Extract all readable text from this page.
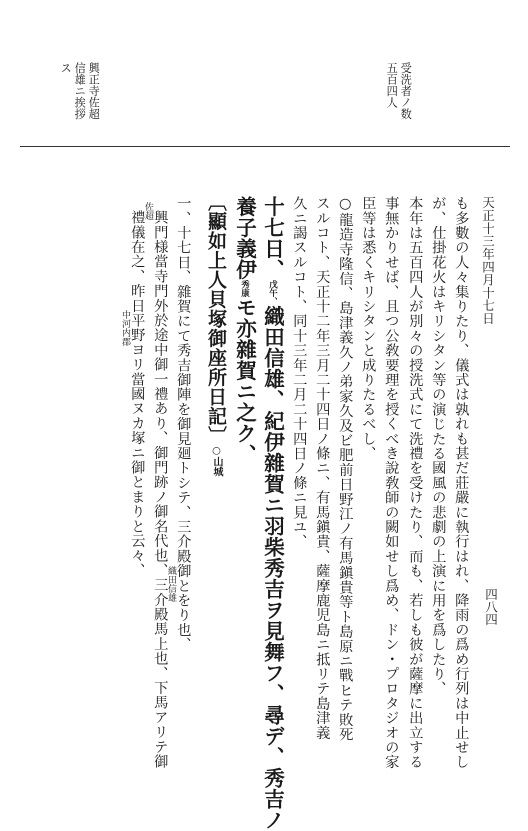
天正十三年四月十七日
四八四
受洗者ノ数
五百四人
興正寺佐超
信雄ニ挨拶
ス
も多數の人々集りたり、儀式は孰れも甚だ莊嚴に執行はれ、降雨の爲め行列は中止せし
が、仕掛花火はキリシタン等の演じたる國風の悲劇の上演に用を爲したり、
本年は五百四人が別々の授洗式にて洗禮を受けたり、而も、若しも彼が薩摩に出立する
事無かりせば、且つ公敎要理を授くべき說敎師の闕如せし爲め、ドン・プロタジオの家
臣等は悉くキリシタンと成りたるべし、
○龍造寺隆信、島津義久ノ弟家久及ビ肥前日野江ノ有馬鎭貴等ト島原ニ戰ヒテ敗死
スルコト、天正十二年三月二十四日ノ條ニ、有馬鎭貴、薩摩鹿児島ニ抵リテ島津義
久ニ謁スルコト、同十三年二月二十四日ノ條ニ見ユ、
十七日、戊午、織田信雄、紀伊雜賀ニ羽柴秀吉ヲ見舞フ、尋デ、秀吉ノ
養子義伊秀康モ亦雜賀ニ之ク、
〔顯如上人貝塚御座所日記〕○山城
一、十七日、雜賀にて秀吉御陣を御見廻トシテ、三介殿御とをり也、
織田信雄
興門様當寺門外於途中御一禮あり、御門跡ノ御名代也、三介殿馬上也、下馬アリテ御
佐超
禮儀在之、昨日平野ヨリ當國ヌカ塚ニ御とまりと云々、
中河内郡
